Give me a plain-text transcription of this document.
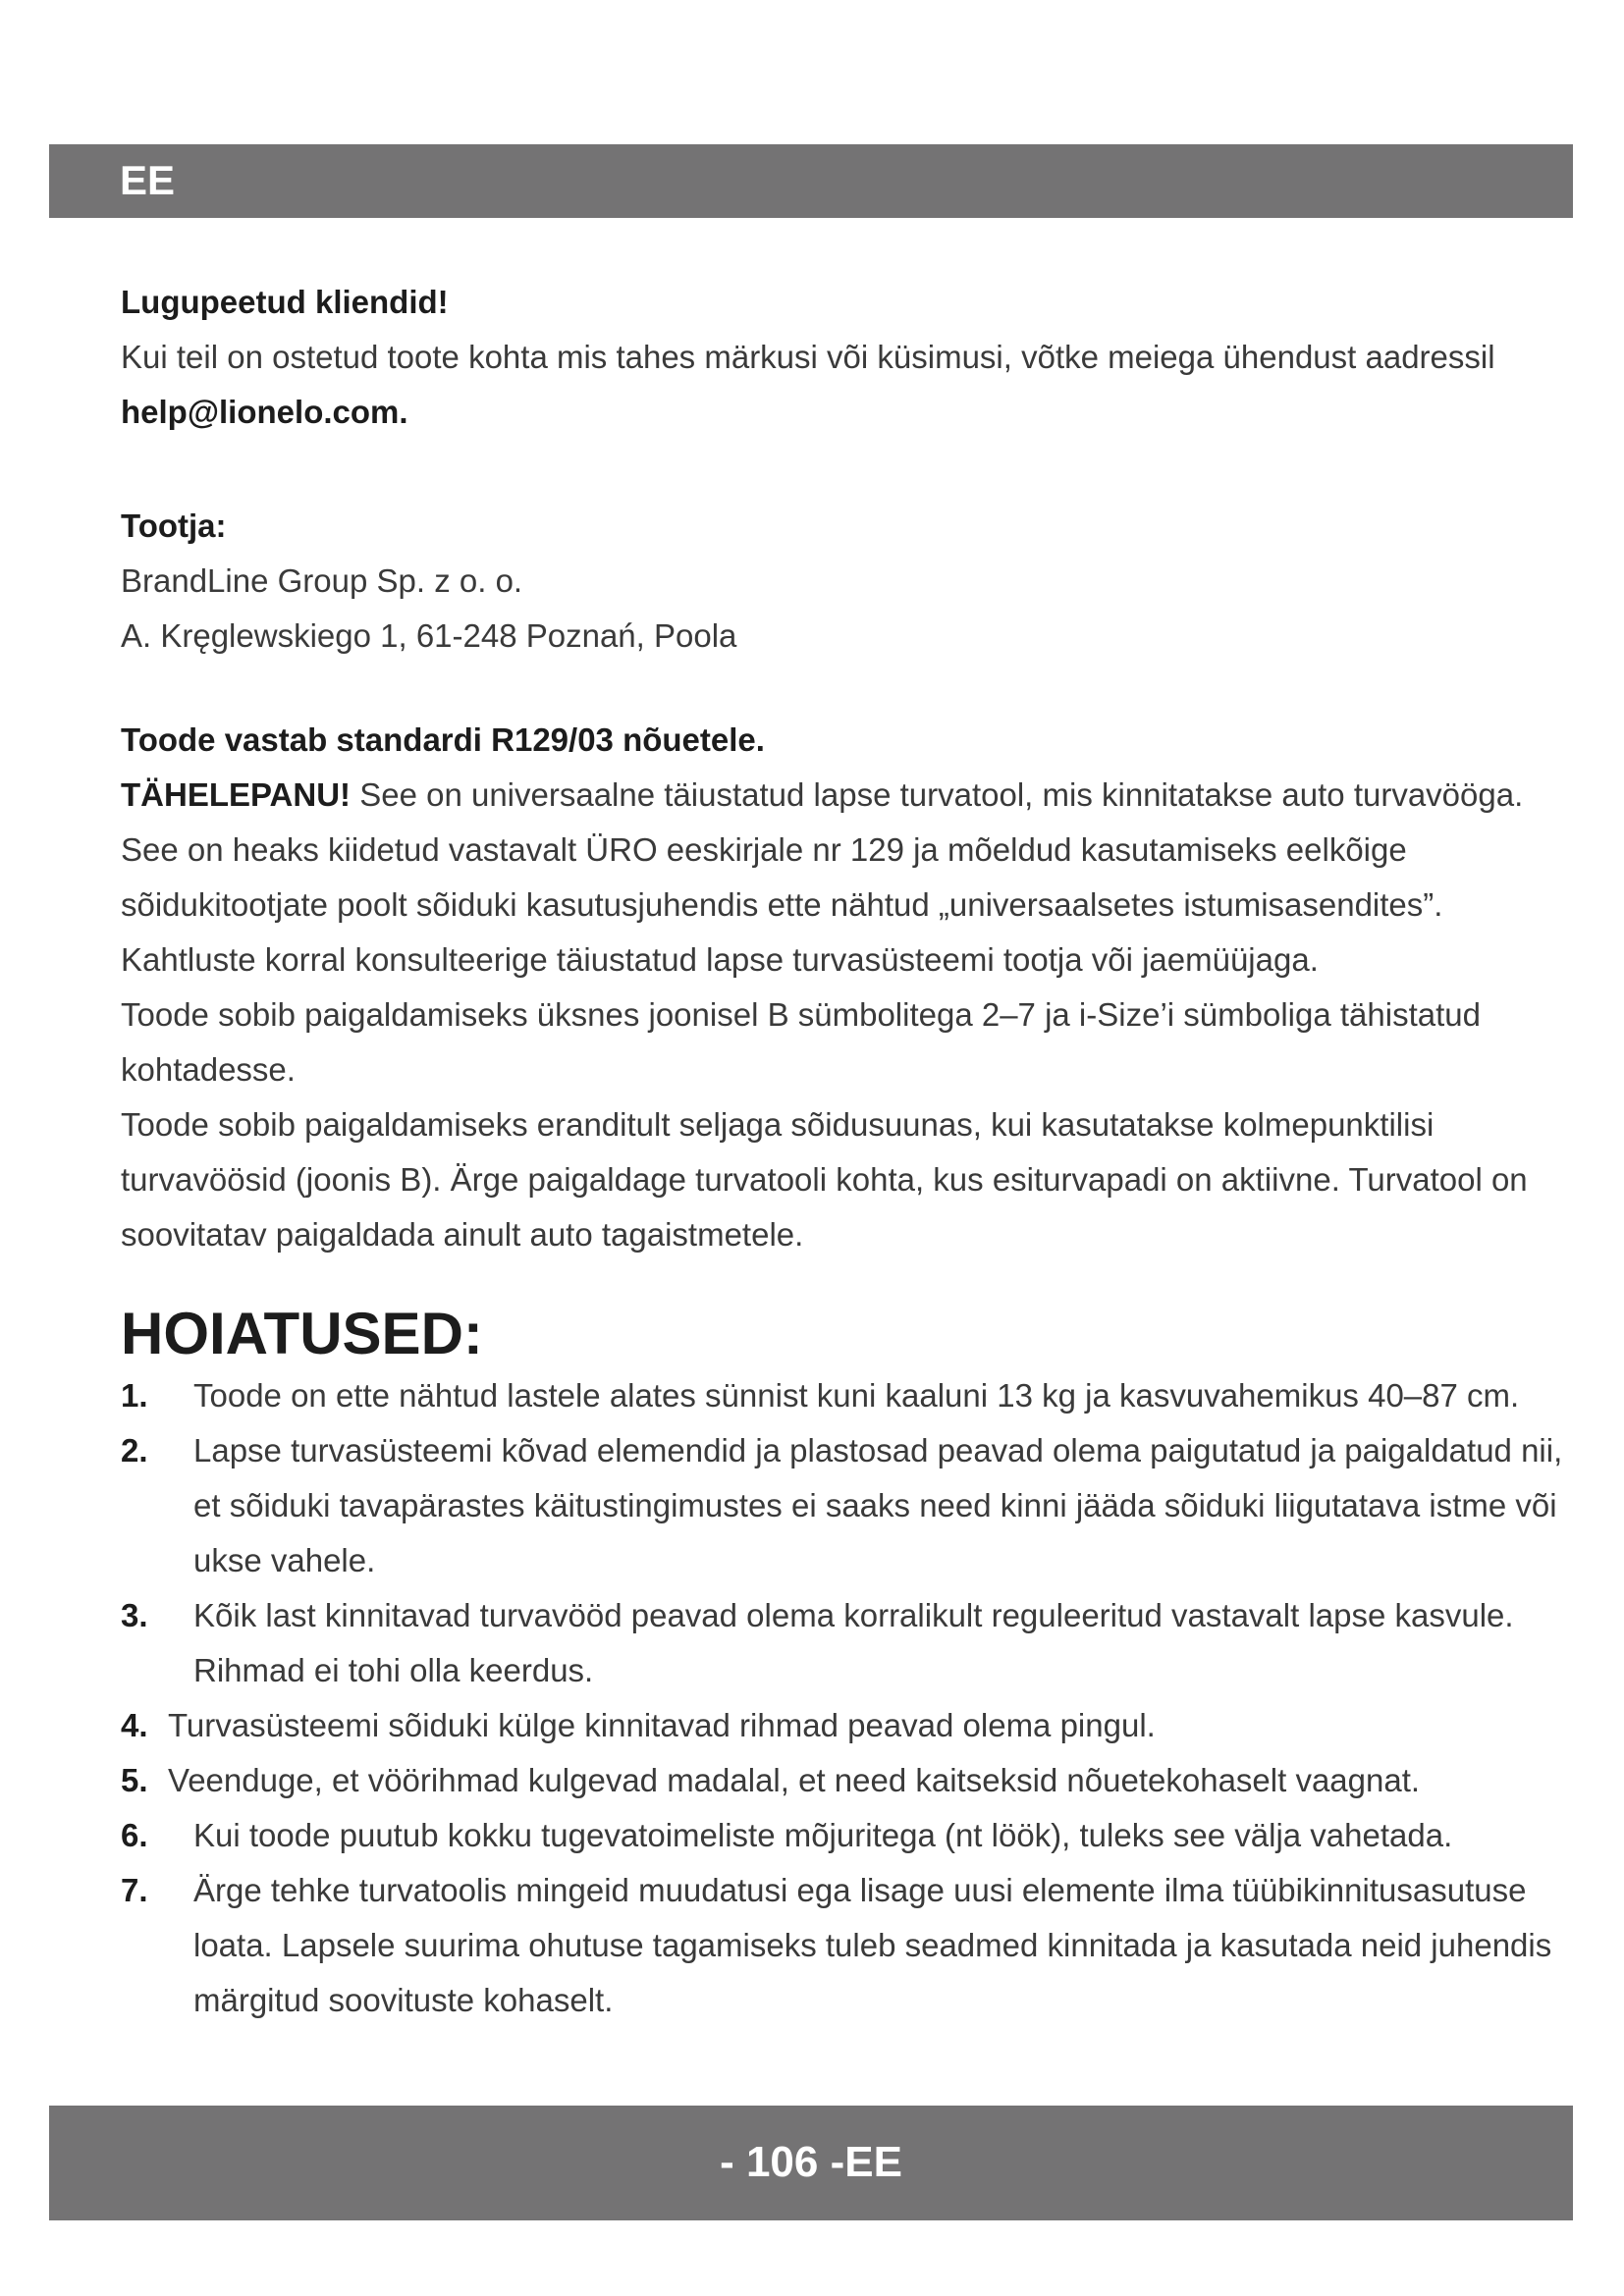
EE

Lugupeetud kliendid!

Kui teil on ostetud toote kohta mis tahes märkusi või küsimusi, võtke meiega ühendust aadressil help@lionelo.com.

Tootja:

BrandLine Group Sp. z o. o.

A. Kręglewskiego 1, 61-248 Poznań, Poola

Toode vastab standardi R129/03 nõuetele.

TÄHELEPANU! See on universaalne täiustatud lapse turvatool, mis kinnitatakse auto turvavööga. See on heaks kiidetud vastavalt ÜRO eeskirjale nr 129 ja mõeldud kasutamiseks eelkõige sõidukitootjate poolt sõiduki kasutusjuhendis ette nähtud „universaalsetes istumisasendites”.

Kahtluste korral konsulteerige täiustatud lapse turvasüsteemi tootja või jaemüüjaga.

Toode sobib paigaldamiseks üksnes joonisel B sümbolitega 2–7 ja i-Size’i sümboliga tähistatud kohtadesse.

Toode sobib paigaldamiseks eranditult seljaga sõidusuunas, kui kasutatakse kolmepunktilisi turvavöösid (joonis B). Ärge paigaldage turvatooli kohta, kus esiturvapadi on aktiivne. Turvatool on soovitatav paigaldada ainult auto tagaistmetele.

HOIATUSED:

1. Toode on ette nähtud lastele alates sünnist kuni kaaluni 13 kg ja kasvuvahemikus 40–87 cm.
2. Lapse turvasüsteemi kõvad elemendid ja plastosad peavad olema paigutatud ja paigaldatud nii, et sõiduki tavapärastes käitustingimustes ei saaks need kinni jääda sõiduki liigutatava istme või ukse vahele.
3. Kõik last kinnitavad turvavööd peavad olema korralikult reguleeritud vastavalt lapse kasvule. Rihmad ei tohi olla keerdus.
4. Turvasüsteemi sõiduki külge kinnitavad rihmad peavad olema pingul.
5. Veenduge, et vöörihmad kulgevad madalal, et need kaitseksid nõuetekohaselt vaagnat.
6. Kui toode puutub kokku tugevatoimeliste mõjuritega (nt löök), tuleks see välja vahetada.
7. Ärge tehke turvatoolis mingeid muudatusi ega lisage uusi elemente ilma tüübikinnitusasutuse loata. Lapsele suurima ohutuse tagamiseks tuleb seadmed kinnitada ja kasutada neid juhendis märgitud soovituste kohaselt.
- 106 -EE
